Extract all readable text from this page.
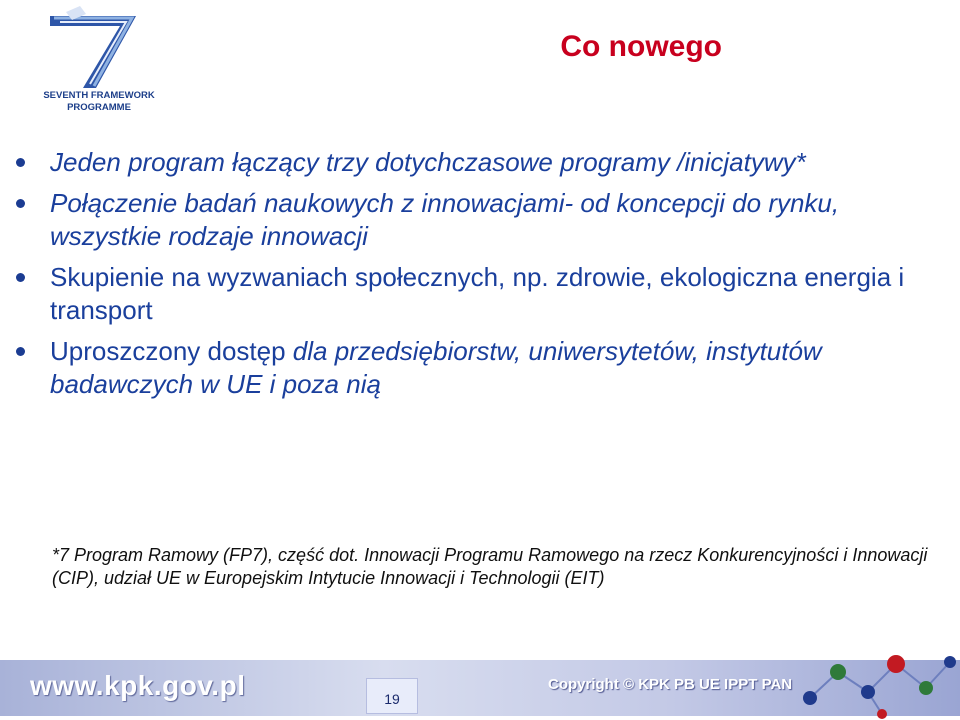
SEVENTH FRAMEWORK
PROGRAMME
Co nowego
Jeden program łączący trzy dotychczasowe programy /inicjatywy*
Połączenie badań naukowych z innowacjami- od koncepcji do rynku, wszystkie rodzaje innowacji
Skupienie na wyzwaniach społecznych, np. zdrowie, ekologiczna energia i transport
Uproszczony dostęp dla przedsiębiorstw, uniwersytetów, instytutów badawczych w UE i poza nią
*7 Program Ramowy (FP7), część dot. Innowacji Programu Ramowego na rzecz Konkurencyjności i Innowacji (CIP), udział UE w Europejskim Intytucie Innowacji i Technologii (EIT)
www.kpk.gov.pl	19
Copyright © KPK PB UE IPPT PAN
